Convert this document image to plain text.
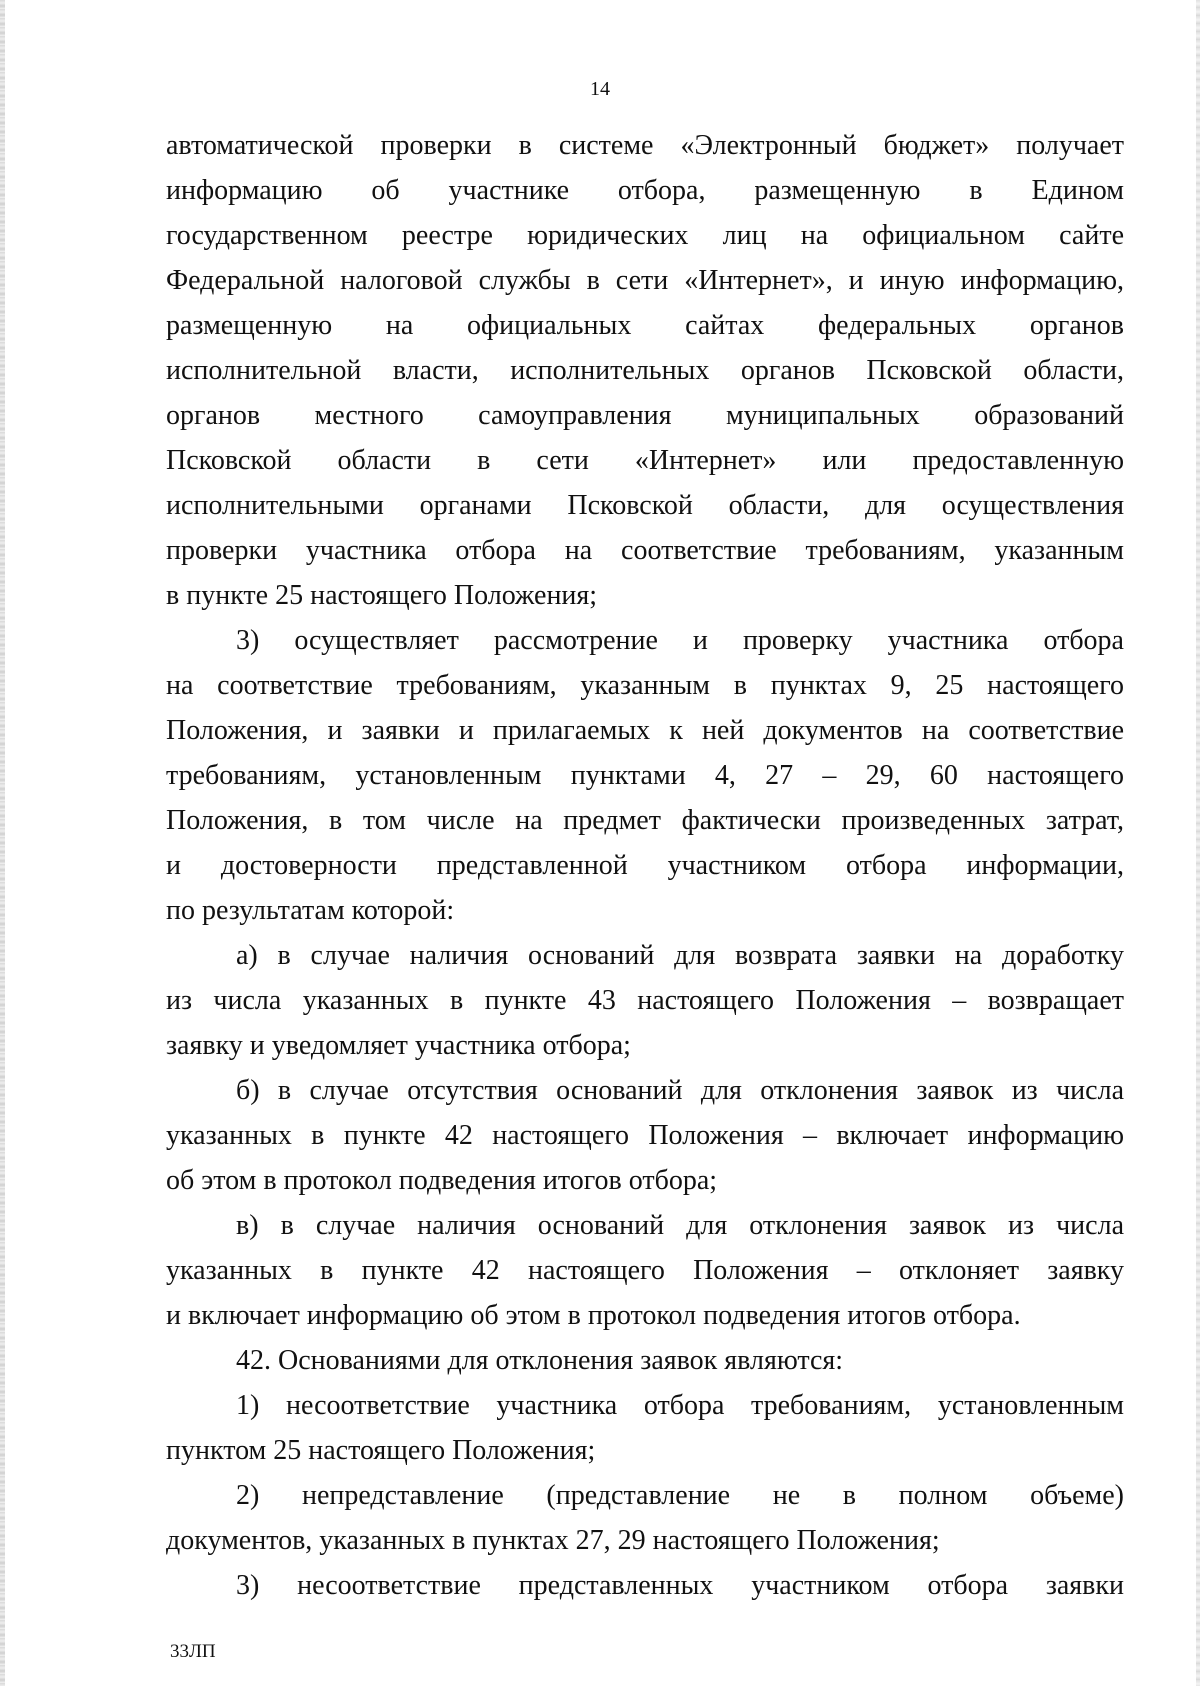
14
автоматической проверки в системе «Электронный бюджет» получает
информацию об участнике отбора, размещенную в Едином
государственном реестре юридических лиц на официальном сайте
Федеральной налоговой службы в сети «Интернет», и иную информацию,
размещенную на официальных сайтах федеральных органов
исполнительной власти, исполнительных органов Псковской области,
органов местного самоуправления муниципальных образований
Псковской области в сети «Интернет» или предоставленную
исполнительными органами Псковской области, для осуществления
проверки участника отбора на соответствие требованиям, указанным
в пункте 25 настоящего Положения;
3) осуществляет рассмотрение и проверку участника отбора
на соответствие требованиям, указанным в пунктах 9, 25 настоящего
Положения, и заявки и прилагаемых к ней документов на соответствие
требованиям, установленным пунктами 4, 27 – 29, 60 настоящего
Положения, в том числе на предмет фактически произведенных затрат,
и достоверности представленной участником отбора информации,
по результатам которой:
а) в случае наличия оснований для возврата заявки на доработку
из числа указанных в пункте 43 настоящего Положения – возвращает
заявку и уведомляет участника отбора;
б) в случае отсутствия оснований для отклонения заявок из числа
указанных в пункте 42 настоящего Положения – включает информацию
об этом в протокол подведения итогов отбора;
в) в случае наличия оснований для отклонения заявок из числа
указанных в пункте 42 настоящего Положения – отклоняет заявку
и включает информацию об этом в протокол подведения итогов отбора.
42. Основаниями для отклонения заявок являются:
1) несоответствие участника отбора требованиям, установленным
пунктом 25 настоящего Положения;
2) непредставление (представление не в полном объеме)
документов, указанных в пунктах 27, 29 настоящего Положения;
3) несоответствие представленных участником отбора заявки
33ЛП
